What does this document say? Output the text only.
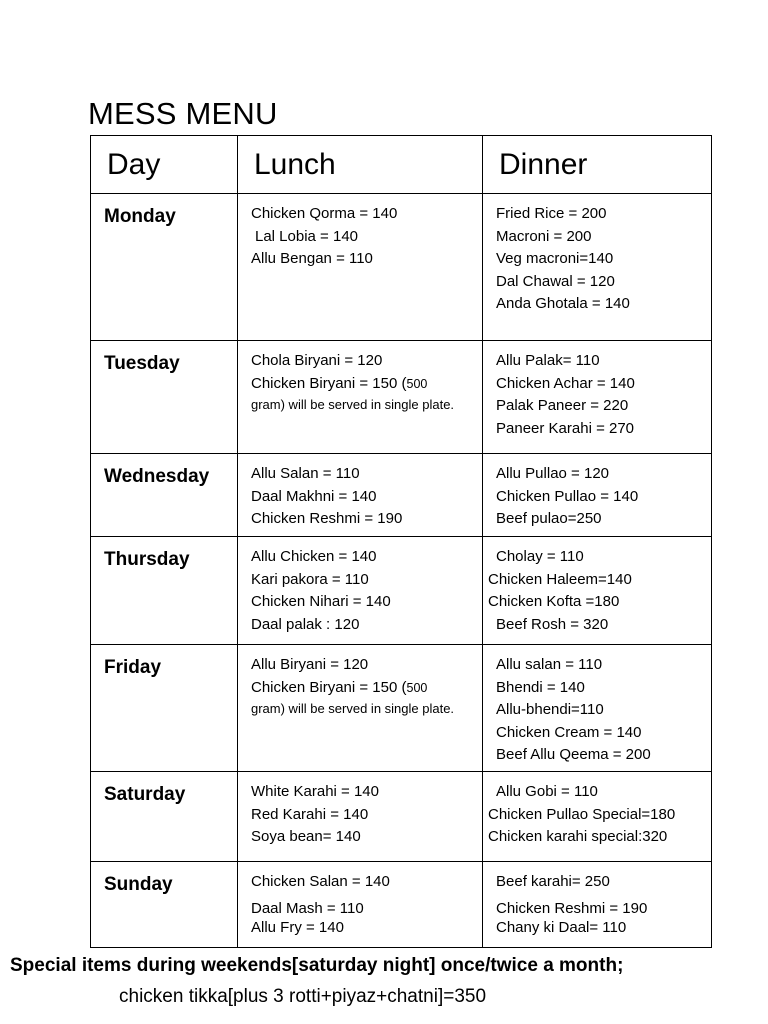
MESS MENU
Day	Lunch	Dinner

Monday	Chicken Qorma = 140
Lal Lobia = 140
Allu Bengan = 110	Fried Rice = 200
Macroni = 200
Veg macroni=140
Dal Chawal = 120
Anda Ghotala = 140

Tuesday	Chola Biryani = 120
Chicken Biryani = 150 (500
gram) will be served in single plate.	Allu Palak= 110
Chicken Achar = 140
Palak Paneer = 220
Paneer Karahi = 270

Wednesday	Allu Salan = 110
Daal Makhni = 140
Chicken Reshmi = 190	Allu Pullao = 120
Chicken Pullao = 140
Beef pulao=250

Thursday	Allu Chicken = 140
Kari pakora = 110
Chicken Nihari = 140
Daal palak : 120	Cholay = 110
Chicken Haleem=140
Chicken Kofta =180
Beef Rosh = 320

Friday	Allu Biryani = 120
Chicken Biryani = 150 (500
gram) will be served in single plate.	Allu salan = 110
Bhendi = 140
Allu-bhendi=110
Chicken Cream = 140
Beef Allu Qeema = 200

Saturday	White Karahi = 140
Red Karahi = 140
Soya bean= 140	Allu Gobi = 110
Chicken Pullao Special=180
Chicken karahi special:320

Sunday	Chicken Salan = 140
Daal Mash = 110
Allu Fry = 140	Beef karahi= 250
Chicken Reshmi = 190
Chany ki Daal= 110
Special items during weekends[saturday night] once/twice a month;
chicken tikka[plus 3 rotti+piyaz+chatni]=350
